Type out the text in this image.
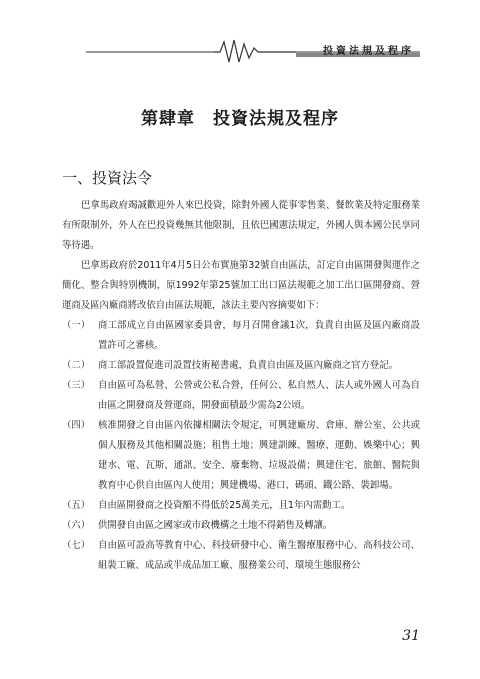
投資法規及程序
第肆章　投資法規及程序
一、投資法令

巴拿馬政府竭誠歡迎外人來巴投資，除對外國人從事零售業、餐飲業及特定服務業有所限制外，外人在巴投資幾無其他限制，且依巴國憲法規定，外國人與本國公民享同等待遇。

巴拿馬政府於2011年4月5日公布實施第32號自由區法，訂定自由區開發與運作之簡化、整合與特別機制，原1992年第25號加工出口區法規範之加工出口區開發商、營運商及區內廠商將改依自由區法規範，該法主要內容摘要如下：

（一） 商工部成立自由區國家委員會，每月召開會議1次，負責自由區及區內廠商設置許可之審核。
（二） 商工部設置促進司設置技術秘書處，負責自由區及區內廠商之官方登記。
（三） 自由區可為私營、公營或公私合營，任何公、私自然人、法人或外國人可為自由區之開發商及營運商，開發面積最少需為2公頃。
（四） 核准開發之自由區內依據相關法令規定，可興建廠房、倉庫、辦公室、公共或個人服務及其他相關設施；租售土地；興建訓練、醫療、運動、娛樂中心；興建水、電、瓦斯、通訊、安全、廢棄物、垃圾設備；興建住宅、旅館、醫院與教育中心供自由區內人使用；興建機場、港口、碼頭、鐵公路、裝卸場。
（五） 自由區開發商之投資額不得低於25萬美元，且1年內需動工。
（六） 供開發自由區之國家或市政機構之土地不得銷售及轉讓。
（七） 自由區可設高等教育中心、科技研發中心、衛生醫療服務中心、高科技公司、組裝工廠、成品或半成品加工廠、服務業公司、環境生態服務公
31
